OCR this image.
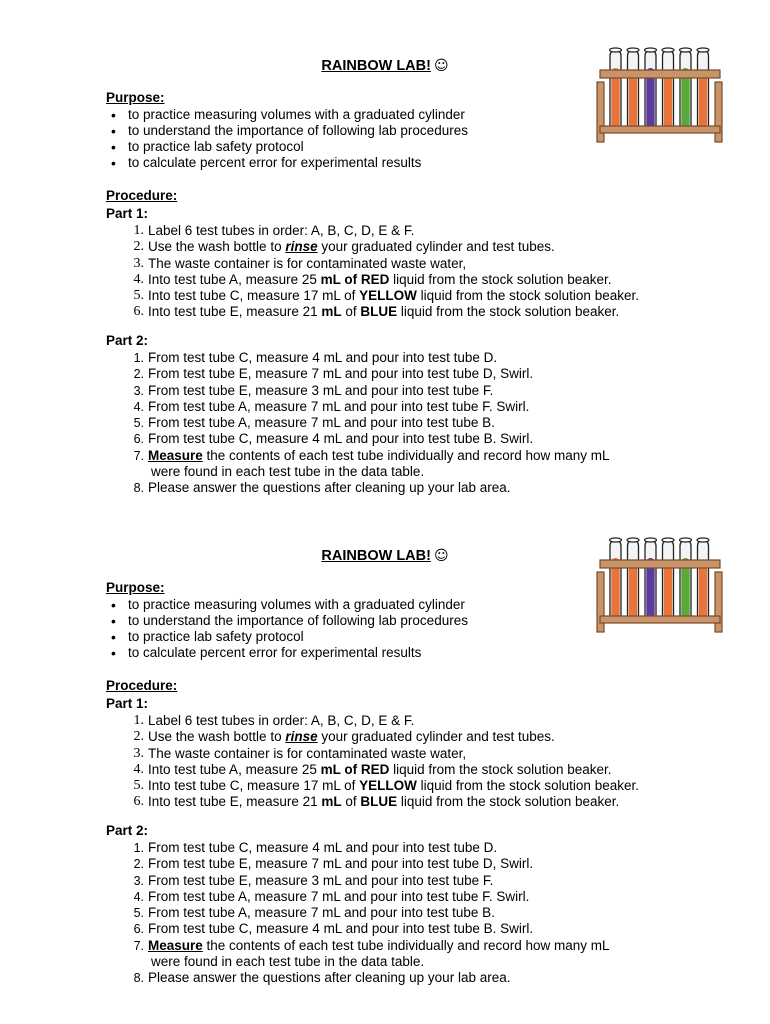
RAINBOW LAB! ☺
Purpose:
• to practice measuring volumes with a graduated cylinder
• to understand the importance of following lab procedures
• to practice lab safety protocol
• to calculate percent error for experimental results
Procedure:
Part 1:
1. Label 6 test tubes in order: A, B, C, D, E & F.
2. Use the wash bottle to rinse your graduated cylinder and test tubes.
3. The waste container is for contaminated waste water,
4. Into test tube A, measure 25 mL of RED liquid from the stock solution beaker.
5. Into test tube C, measure 17 mL of YELLOW liquid from the stock solution beaker.
6. Into test tube E, measure 21 mL of BLUE liquid from the stock solution beaker.
Part 2:
1. From test tube C, measure 4 mL and pour into test tube D.
2. From test tube E, measure 7 mL and pour into test tube D, Swirl.
3. From test tube E, measure 3 mL and pour into test tube F.
4. From test tube A, measure 7 mL and pour into test tube F. Swirl.
5. From test tube A, measure 7 mL and pour into test tube B.
6. From test tube C, measure 4 mL and pour into test tube B. Swirl.
7. Measure the contents of each test tube individually and record how many mL
were found in each test tube in the data table.
8. Please answer the questions after cleaning up your lab area.
RAINBOW LAB! ☺
Purpose:
• to practice measuring volumes with a graduated cylinder
• to understand the importance of following lab procedures
• to practice lab safety protocol
• to calculate percent error for experimental results
Procedure:
Part 1:
1. Label 6 test tubes in order: A, B, C, D, E & F.
2. Use the wash bottle to rinse your graduated cylinder and test tubes.
3. The waste container is for contaminated waste water,
4. Into test tube A, measure 25 mL of RED liquid from the stock solution beaker.
5. Into test tube C, measure 17 mL of YELLOW liquid from the stock solution beaker.
6. Into test tube E, measure 21 mL of BLUE liquid from the stock solution beaker.
Part 2:
1. From test tube C, measure 4 mL and pour into test tube D.
2. From test tube E, measure 7 mL and pour into test tube D, Swirl.
3. From test tube E, measure 3 mL and pour into test tube F.
4. From test tube A, measure 7 mL and pour into test tube F. Swirl.
5. From test tube A, measure 7 mL and pour into test tube B.
6. From test tube C, measure 4 mL and pour into test tube B. Swirl.
7. Measure the contents of each test tube individually and record how many mL
were found in each test tube in the data table.
8. Please answer the questions after cleaning up your lab area.
